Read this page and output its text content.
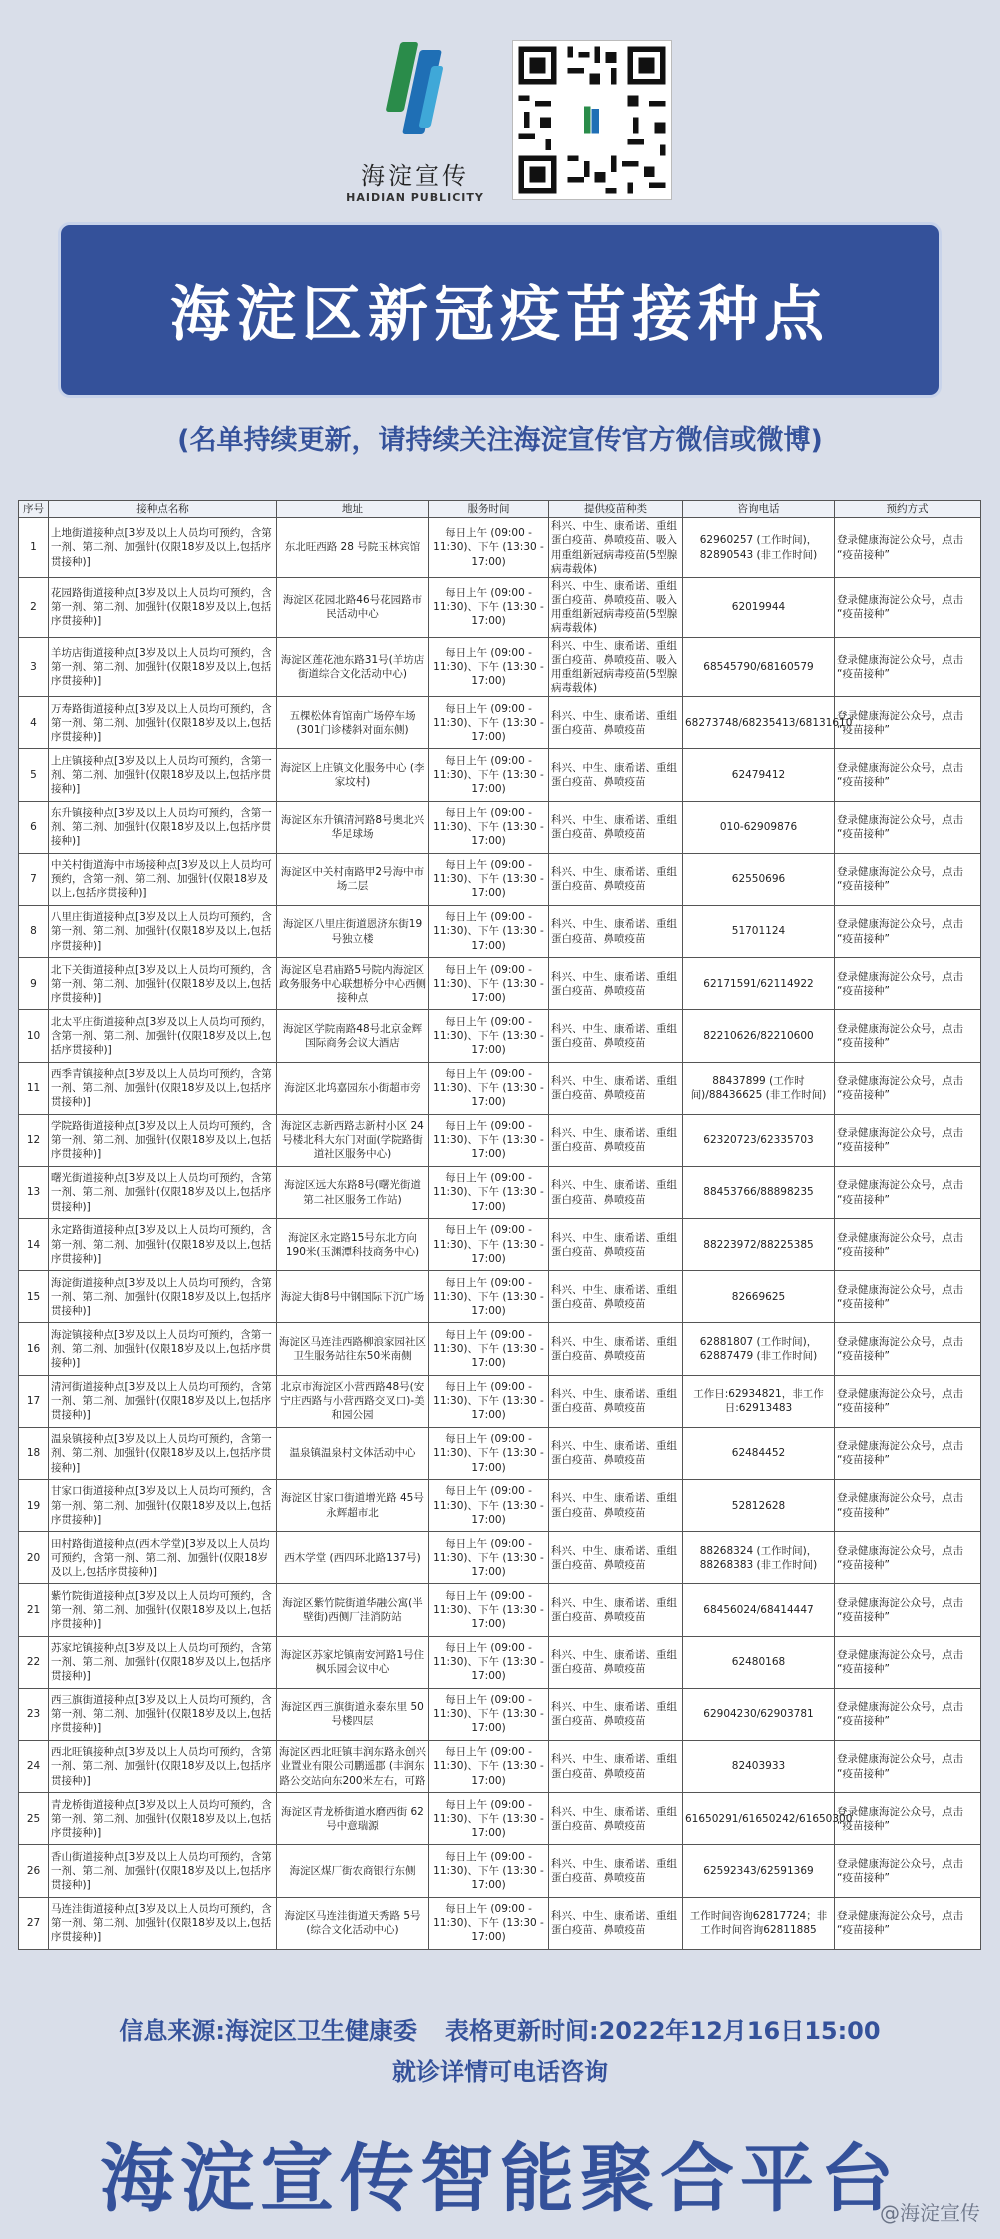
海淀宣传
HAIDIAN PUBLICITY
海淀区新冠疫苗接种点
(名单持续更新，请持续关注海淀宣传官方微信或微博)
序号	接种点名称	地址	服务时间	提供疫苗种类	咨询电话	预约方式
1	上地街道接种点[3岁及以上人员均可预约，含第一剂、第二剂、加强针(仅限18岁及以上,包括序贯接种)]	东北旺西路 28 号院玉林宾馆	每日上午 (09:00 - 11:30)、下午 (13:30 - 17:00)	科兴、中生、康希诺、重组蛋白疫苗、鼻喷疫苗、吸入用重组新冠病毒疫苗(5型腺病毒载体)	62960257 (工作时间)，82890543 (非工作时间)	登录健康海淀公众号，点击 “疫苗接种”
2	花园路街道接种点[3岁及以上人员均可预约，含第一剂、第二剂、加强针(仅限18岁及以上,包括序贯接种)]	海淀区花园北路46号花园路市民活动中心	每日上午 (09:00 - 11:30)、下午 (13:30 - 17:00)	科兴、中生、康希诺、重组蛋白疫苗、鼻喷疫苗、吸入用重组新冠病毒疫苗(5型腺病毒载体)	62019944	登录健康海淀公众号，点击 “疫苗接种”
3	羊坊店街道接种点[3岁及以上人员均可预约，含第一剂、第二剂、加强针(仅限18岁及以上,包括序贯接种)]	海淀区莲花池东路31号(羊坊店街道综合文化活动中心)	每日上午 (09:00 - 11:30)、下午 (13:30 - 17:00)	科兴、中生、康希诺、重组蛋白疫苗、鼻喷疫苗、吸入用重组新冠病毒疫苗(5型腺病毒载体)	68545790/68160579	登录健康海淀公众号，点击 “疫苗接种”
4	万寿路街道接种点[3岁及以上人员均可预约，含第一剂、第二剂、加强针(仅限18岁及以上,包括序贯接种)]	五棵松体育馆南广场停车场(301门诊楼斜对面东侧)	每日上午 (09:00 - 11:30)、下午 (13:30 - 17:00)	科兴、中生、康希诺、重组蛋白疫苗、鼻喷疫苗	68273748/68235413/68131610	登录健康海淀公众号，点击 “疫苗接种”
5	上庄镇接种点[3岁及以上人员均可预约，含第一剂、第二剂、加强针(仅限18岁及以上,包括序贯接种)]	海淀区上庄镇文化服务中心 (李家坟村)	每日上午 (09:00 - 11:30)、下午 (13:30 - 17:00)	科兴、中生、康希诺、重组蛋白疫苗、鼻喷疫苗	62479412	登录健康海淀公众号，点击 “疫苗接种”
6	东升镇接种点[3岁及以上人员均可预约，含第一剂、第二剂、加强针(仅限18岁及以上,包括序贯接种)]	海淀区东升镇清河路8号奥北兴华足球场	每日上午 (09:00 - 11:30)、下午 (13:30 - 17:00)	科兴、中生、康希诺、重组蛋白疫苗、鼻喷疫苗	010-62909876	登录健康海淀公众号，点击 “疫苗接种”
7	中关村街道海中市场接种点[3岁及以上人员均可预约，含第一剂、第二剂、加强针(仅限18岁及以上,包括序贯接种)]	海淀区中关村南路甲2号海中市场二层	每日上午 (09:00 - 11:30)、下午 (13:30 - 17:00)	科兴、中生、康希诺、重组蛋白疫苗、鼻喷疫苗	62550696	登录健康海淀公众号，点击 “疫苗接种”
8	八里庄街道接种点[3岁及以上人员均可预约，含第一剂、第二剂、加强针(仅限18岁及以上,包括序贯接种)]	海淀区八里庄街道恩济东街19号独立楼	每日上午 (09:00 - 11:30)、下午 (13:30 - 17:00)	科兴、中生、康希诺、重组蛋白疫苗、鼻喷疫苗	51701124	登录健康海淀公众号，点击 “疫苗接种”
9	北下关街道接种点[3岁及以上人员均可预约，含第一剂、第二剂、加强针(仅限18岁及以上,包括序贯接种)]	海淀区皂君庙路5号院内海淀区政务服务中心联想桥分中心西侧接种点	每日上午 (09:00 - 11:30)、下午 (13:30 - 17:00)	科兴、中生、康希诺、重组蛋白疫苗、鼻喷疫苗	62171591/62114922	登录健康海淀公众号，点击 “疫苗接种”
10	北太平庄街道接种点[3岁及以上人员均可预约，含第一剂、第二剂、加强针(仅限18岁及以上,包括序贯接种)]	海淀区学院南路48号北京金辉国际商务会议大酒店	每日上午 (09:00 - 11:30)、下午 (13:30 - 17:00)	科兴、中生、康希诺、重组蛋白疫苗、鼻喷疫苗	82210626/82210600	登录健康海淀公众号，点击 “疫苗接种”
11	西季青镇接种点[3岁及以上人员均可预约，含第一剂、第二剂、加强针(仅限18岁及以上,包括序贯接种)]	海淀区北坞嘉园东小街超市旁	每日上午 (09:00 - 11:30)、下午 (13:30 - 17:00)	科兴、中生、康希诺、重组蛋白疫苗、鼻喷疫苗	88437899 (工作时间)/88436625 (非工作时间)	登录健康海淀公众号，点击 “疫苗接种”
12	学院路街道接种点[3岁及以上人员均可预约，含第一剂、第二剂、加强针(仅限18岁及以上,包括序贯接种)]	海淀区志新西路志新村小区 24号楼北科大东门对面(学院路街道社区服务中心)	每日上午 (09:00 - 11:30)、下午 (13:30 - 17:00)	科兴、中生、康希诺、重组蛋白疫苗、鼻喷疫苗	62320723/62335703	登录健康海淀公众号，点击 “疫苗接种”
13	曙光街道接种点[3岁及以上人员均可预约，含第一剂、第二剂、加强针(仅限18岁及以上,包括序贯接种)]	海淀区远大东路8号(曙光街道第二社区服务工作站)	每日上午 (09:00 - 11:30)、下午 (13:30 - 17:00)	科兴、中生、康希诺、重组蛋白疫苗、鼻喷疫苗	88453766/88898235	登录健康海淀公众号，点击 “疫苗接种”
14	永定路街道接种点[3岁及以上人员均可预约，含第一剂、第二剂、加强针(仅限18岁及以上,包括序贯接种)]	海淀区永定路15号东北方向190米(玉渊潭科技商务中心)	每日上午 (09:00 - 11:30)、下午 (13:30 - 17:00)	科兴、中生、康希诺、重组蛋白疫苗、鼻喷疫苗	88223972/88225385	登录健康海淀公众号，点击 “疫苗接种”
15	海淀街道接种点[3岁及以上人员均可预约，含第一剂、第二剂、加强针(仅限18岁及以上,包括序贯接种)]	海淀大街8号中钢国际下沉广场	每日上午 (09:00 - 11:30)、下午 (13:30 - 17:00)	科兴、中生、康希诺、重组蛋白疫苗、鼻喷疫苗	82669625	登录健康海淀公众号，点击 “疫苗接种”
16	海淀镇接种点[3岁及以上人员均可预约，含第一剂、第二剂、加强针(仅限18岁及以上,包括序贯接种)]	海淀区马连洼西路柳浪家园社区卫生服务站往东50米南侧	每日上午 (09:00 - 11:30)、下午 (13:30 - 17:00)	科兴、中生、康希诺、重组蛋白疫苗、鼻喷疫苗	62881807 (工作时间)，62887479 (非工作时间)	登录健康海淀公众号，点击 “疫苗接种”
17	清河街道接种点[3岁及以上人员均可预约，含第一剂、第二剂、加强针(仅限18岁及以上,包括序贯接种)]	北京市海淀区小营西路48号(安宁庄西路与小营西路交叉口)-美和园公园	每日上午 (09:00 - 11:30)、下午 (13:30 - 17:00)	科兴、中生、康希诺、重组蛋白疫苗、鼻喷疫苗	工作日:62934821，非工作日:62913483	登录健康海淀公众号，点击 “疫苗接种”
18	温泉镇接种点[3岁及以上人员均可预约，含第一剂、第二剂、加强针(仅限18岁及以上,包括序贯接种)]	温泉镇温泉村文体活动中心	每日上午 (09:00 - 11:30)、下午 (13:30 - 17:00)	科兴、中生、康希诺、重组蛋白疫苗、鼻喷疫苗	62484452	登录健康海淀公众号，点击 “疫苗接种”
19	甘家口街道接种点[3岁及以上人员均可预约，含第一剂、第二剂、加强针(仅限18岁及以上,包括序贯接种)]	海淀区甘家口街道增光路 45号永辉超市北	每日上午 (09:00 - 11:30)、下午 (13:30 - 17:00)	科兴、中生、康希诺、重组蛋白疫苗、鼻喷疫苗	52812628	登录健康海淀公众号，点击 “疫苗接种”
20	田村路街道接种点(西木学堂)[3岁及以上人员均可预约，含第一剂、第二剂、加强针(仅限18岁及以上,包括序贯接种)]	西木学堂 (西四环北路137号)	每日上午 (09:00 - 11:30)、下午 (13:30 - 17:00)	科兴、中生、康希诺、重组蛋白疫苗、鼻喷疫苗	88268324 (工作时间)，88268383 (非工作时间)	登录健康海淀公众号，点击 “疫苗接种”
21	紫竹院街道接种点[3岁及以上人员均可预约，含第一剂、第二剂、加强针(仅限18岁及以上,包括序贯接种)]	海淀区紫竹院街道华融公寓(半壁街)西侧厂洼消防站	每日上午 (09:00 - 11:30)、下午 (13:30 - 17:00)	科兴、中生、康希诺、重组蛋白疫苗、鼻喷疫苗	68456024/68414447	登录健康海淀公众号，点击 “疫苗接种”
22	苏家坨镇接种点[3岁及以上人员均可预约，含第一剂、第二剂、加强针(仅限18岁及以上,包括序贯接种)]	海淀区苏家坨镇南安河路1号住枫乐园会议中心	每日上午 (09:00 - 11:30)、下午 (13:30 - 17:00)	科兴、中生、康希诺、重组蛋白疫苗、鼻喷疫苗	62480168	登录健康海淀公众号，点击 “疫苗接种”
23	西三旗街道接种点[3岁及以上人员均可预约，含第一剂、第二剂、加强针(仅限18岁及以上,包括序贯接种)]	海淀区西三旗街道永泰东里 50号楼四层	每日上午 (09:00 - 11:30)、下午 (13:30 - 17:00)	科兴、中生、康希诺、重组蛋白疫苗、鼻喷疫苗	62904230/62903781	登录健康海淀公众号，点击 “疫苗接种”
24	西北旺镇接种点[3岁及以上人员均可预约，含第一剂、第二剂、加强针(仅限18岁及以上,包括序贯接种)]	海淀区西北旺镇丰润东路永创兴业置业有限公司鹏遥郡 (丰润东路公交站向东200米左右，可路	每日上午 (09:00 - 11:30)、下午 (13:30 - 17:00)	科兴、中生、康希诺、重组蛋白疫苗、鼻喷疫苗	82403933	登录健康海淀公众号，点击 “疫苗接种”
25	青龙桥街道接种点[3岁及以上人员均可预约，含第一剂、第二剂、加强针(仅限18岁及以上,包括序贯接种)]	海淀区青龙桥街道水磨西街 62号中意瑞源	每日上午 (09:00 - 11:30)、下午 (13:30 - 17:00)	科兴、中生、康希诺、重组蛋白疫苗、鼻喷疫苗	61650291/61650242/61650300	登录健康海淀公众号，点击 “疫苗接种”
26	香山街道接种点[3岁及以上人员均可预约，含第一剂、第二剂、加强针(仅限18岁及以上,包括序贯接种)]	海淀区煤厂街农商银行东侧	每日上午 (09:00 - 11:30)、下午 (13:30 - 17:00)	科兴、中生、康希诺、重组蛋白疫苗、鼻喷疫苗	62592343/62591369	登录健康海淀公众号，点击 “疫苗接种”
27	马连洼街道接种点[3岁及以上人员均可预约，含第一剂、第二剂、加强针(仅限18岁及以上,包括序贯接种)]	海淀区马连洼街道天秀路 5号(综合文化活动中心)	每日上午 (09:00 - 11:30)、下午 (13:30 - 17:00)	科兴、中生、康希诺、重组蛋白疫苗、鼻喷疫苗	工作时间咨询62817724；非工作时间咨询62811885	登录健康海淀公众号，点击 “疫苗接种”
信息来源:海淀区卫生健康委 表格更新时间:2022年12月16日15:00
就诊详情可电话咨询
海淀宣传智能聚合平台
@海淀宣传
